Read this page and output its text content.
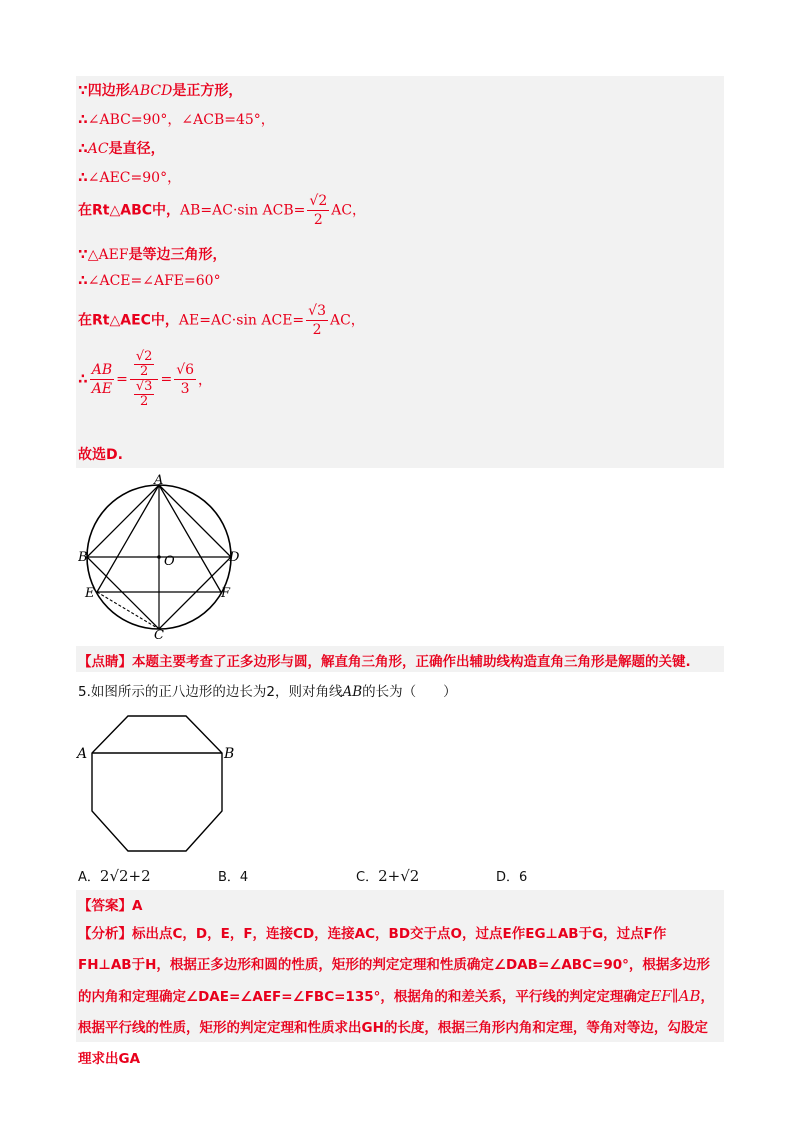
∵四边形ABCD是正方形，
∴∠ABC=90°，∠ACB=45°，
∴AC是直径，
∴∠AEC=90°，
在Rt△ABC中，AB=AC·sin $ACB= \frac{√2}{2}$ AC，
∵△AEF是等边三角形，
∴∠ACE=∠AFE=60°
在Rt△AEC中，AE=AC·sin $ACE= \frac{√3}{2}$ AC，
∴ $\frac{AB}{AE} = \frac{\frac{√2}{2}}{\frac{√3}{2}} = \frac{√6}{3}$ ，
故选D.
A
B	D
C
E	F
O
【点睛】本题主要考查了正多边形与圆，解直角三角形，正确作出辅助线构造直角三角形是解题的关键.
5.如图所示的正八边形的边长为2，则对角线AB的长为（　　）
A	B
A．2√2+2	B．4	C．2+√2	D．6
【答案】A
【分析】标出点C，D，E，F，连接CD，连接AC，BD交于点O，过点E作EG⊥AB于G，过点F作FH⊥AB于H，根据正多边形和圆的性质，矩形的判定定理和性质确定∠DAB=∠ABC=90°，根据多边形的内角和定理确定∠DAE=∠AEF=∠FBC=135°，根据角的和差关系，平行线的判定定理确定EF∥AB，根据平行线的性质，矩形的判定定理和性质求出GH的长度，根据三角形内角和定理，等角对等边，勾股定理求出GA
